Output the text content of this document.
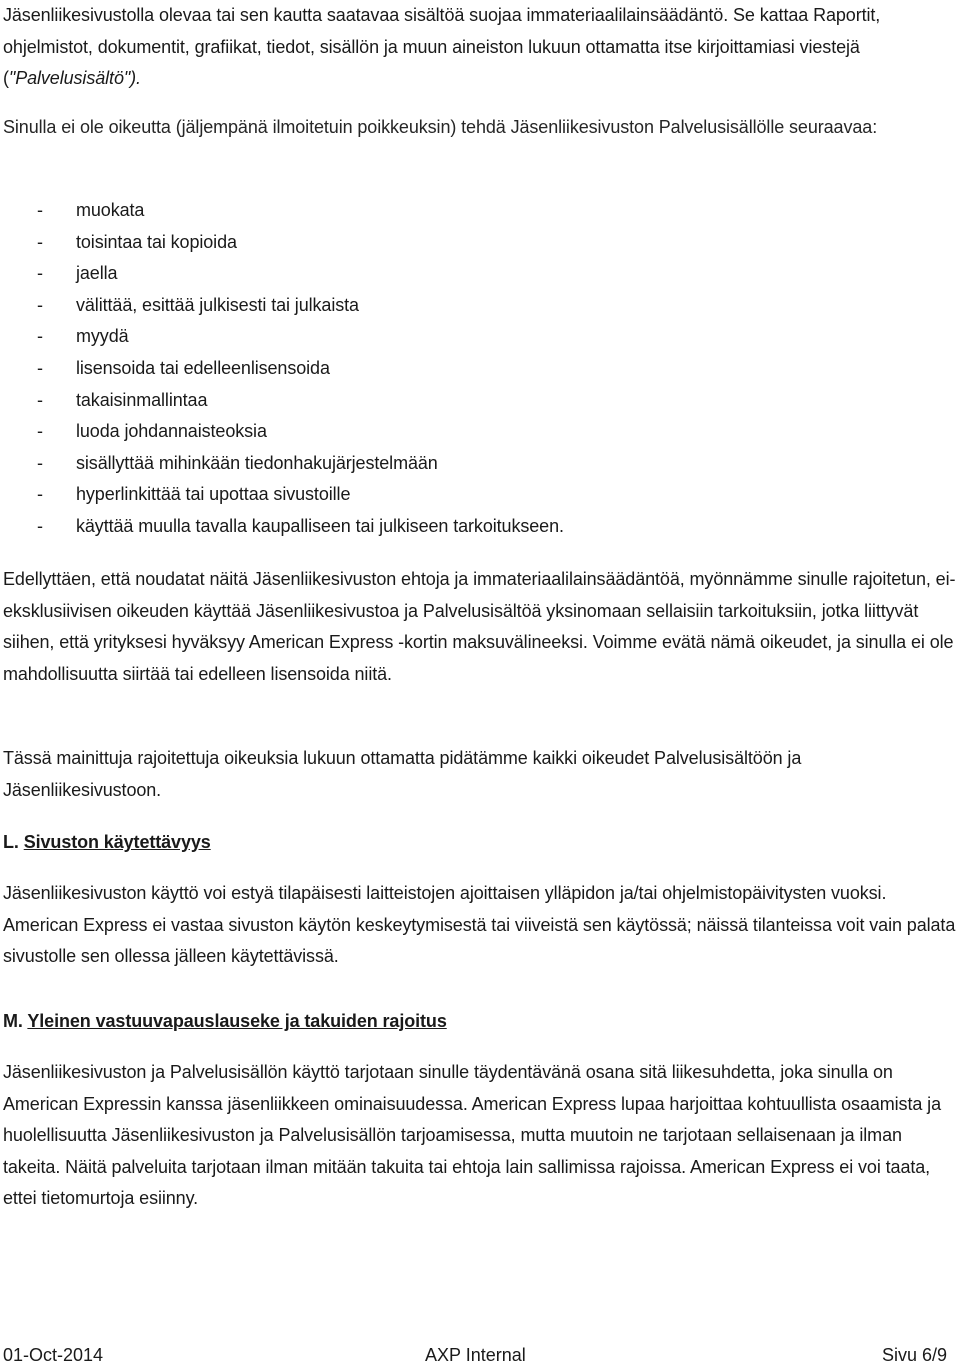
Jäsenliikesivustolla olevaa tai sen kautta saatavaa sisältöä suojaa immateriaalilainsäädäntö. Se kattaa Raportit, ohjelmistot, dokumentit, grafiikat, tiedot, sisällön ja muun aineiston lukuun ottamatta itse kirjoittamiasi viestejä ("Palvelusisältö").

Sinulla ei ole oikeutta (jäljempänä ilmoitetuin poikkeuksin) tehdä Jäsenliikesivuston Palvelusisällölle seuraavaa:

- muokata
- toisintaa tai kopioida
- jaella
- välittää, esittää julkisesti tai julkaista
- myydä
- lisensoida tai edelleenlisensoida
- takaisinmallintaa
- luoda johdannaisteoksia
- sisällyttää mihinkään tiedonhakujärjestelmään
- hyperlinkittää tai upottaa sivustoille
- käyttää muulla tavalla kaupalliseen tai julkiseen tarkoitukseen.

Edellyttäen, että noudatat näitä Jäsenliikesivuston ehtoja ja immateriaalilainsäädäntöä, myönnämme sinulle rajoitetun, ei-eksklusiivisen oikeuden käyttää Jäsenliikesivustoa ja Palvelusisältöä yksinomaan sellaisiin tarkoituksiin, jotka liittyvät siihen, että yrityksesi hyväksyy American Express -kortin maksuvälineeksi. Voimme evätä nämä oikeudet, ja sinulla ei ole mahdollisuutta siirtää tai edelleen lisensoida niitä.

Tässä mainittuja rajoitettuja oikeuksia lukuun ottamatta pidätämme kaikki oikeudet Palvelusisältöön ja Jäsenliikesivustoon.

L. Sivuston käytettävyys

Jäsenliikesivuston käyttö voi estyä tilapäisesti laitteistojen ajoittaisen ylläpidon ja/tai ohjelmistopäivitysten vuoksi. American Express ei vastaa sivuston käytön keskeytymisestä tai viiveistä sen käytössä; näissä tilanteissa voit vain palata sivustolle sen ollessa jälleen käytettävissä.

M. Yleinen vastuuvapauslauseke ja takuiden rajoitus

Jäsenliikesivuston ja Palvelusisällön käyttö tarjotaan sinulle täydentävänä osana sitä liikesuhdetta, joka sinulla on American Expressin kanssa jäsenliikkeen ominaisuudessa. American Express lupaa harjoittaa kohtuullista osaamista ja huolellisuutta Jäsenliikesivuston ja Palvelusisällön tarjoamisessa, mutta muutoin ne tarjotaan sellaisenaan ja ilman takeita. Näitä palveluita tarjotaan ilman mitään takuita tai ehtoja lain sallimissa rajoissa. American Express ei voi taata, ettei tietomurtoja esiinny.

01-Oct-2014	AXP Internal	Sivu 6/9
